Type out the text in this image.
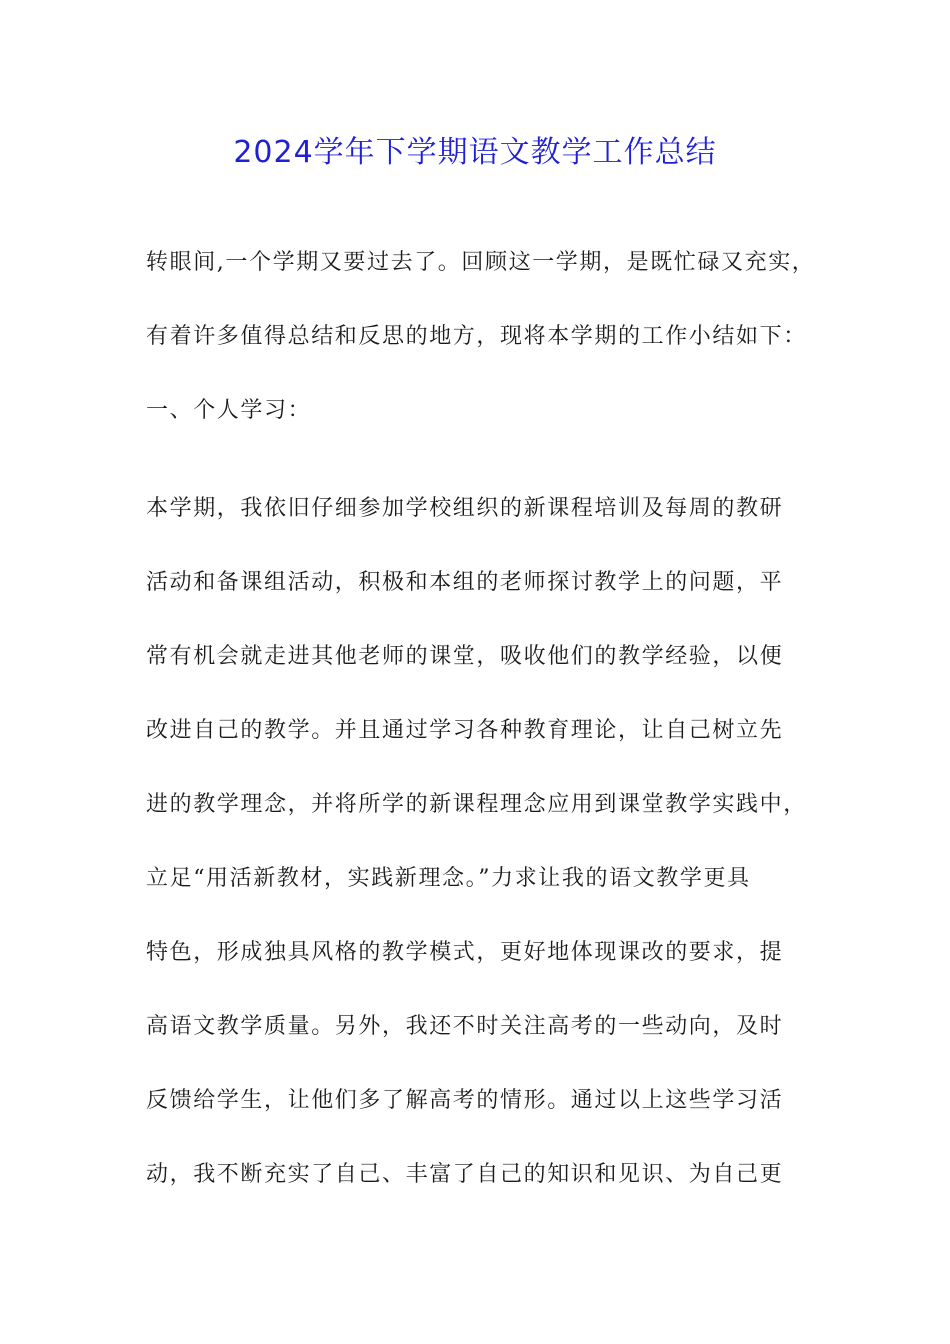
2024学年下学期语文教学工作总结
转眼间,一个学期又要过去了。回顾这一学期，是既忙碌又充实，
有着许多值得总结和反思的地方，现将本学期的工作小结如下：
一、个人学习：
本学期，我依旧仔细参加学校组织的新课程培训及每周的教研
活动和备课组活动，积极和本组的老师探讨教学上的问题，平
常有机会就走进其他老师的课堂，吸收他们的教学经验，以便
改进自己的教学。并且通过学习各种教育理论，让自己树立先
进的教学理念，并将所学的新课程理念应用到课堂教学实践中，
立足“用活新教材，实践新理念。”力求让我的语文教学更具
特色，形成独具风格的教学模式，更好地体现课改的要求，提
高语文教学质量。另外，我还不时关注高考的一些动向，及时
反馈给学生，让他们多了解高考的情形。通过以上这些学习活
动，我不断充实了自己、丰富了自己的知识和见识、为自己更
